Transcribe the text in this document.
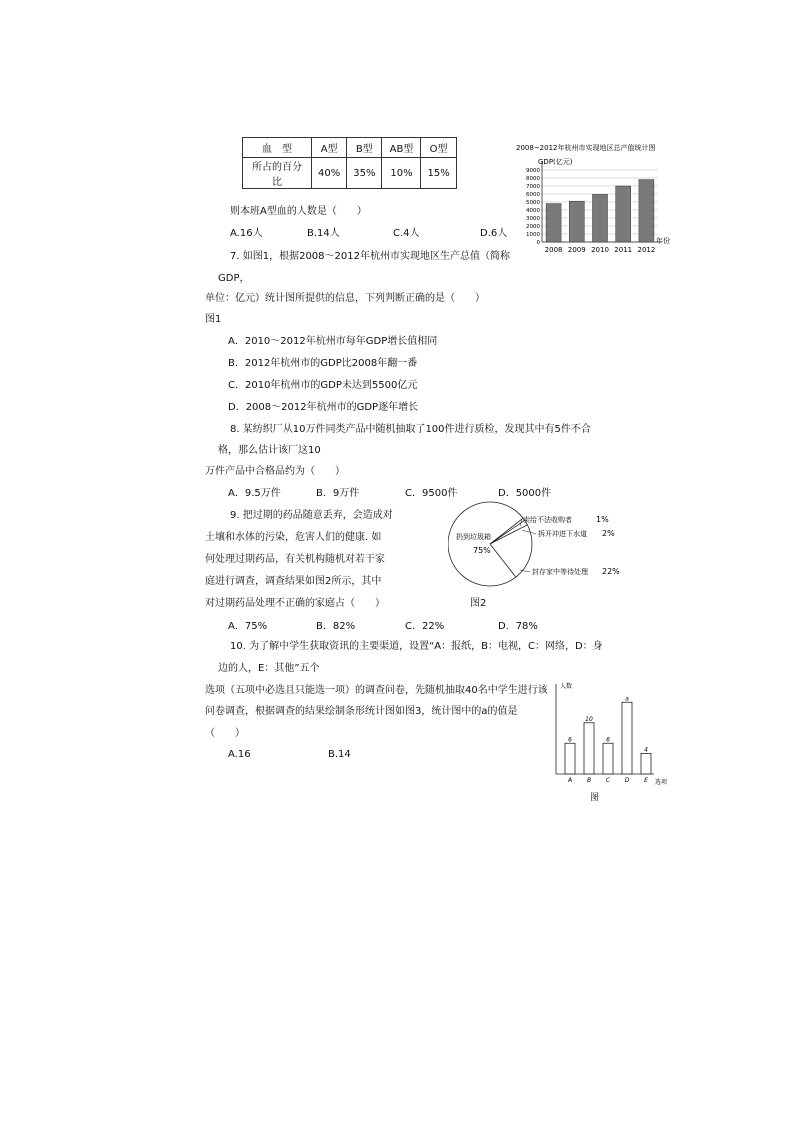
血　型	A型	B型	AB型	O型
所占的百分比	40%	35%	10%	15%
2008~2012年杭州市实现地区总产值统计图
GDP(亿元)
0
1000
2000
3000
4000
5000
6000
7000
8000
9000
2008 2009 2010 2011 2012
年份
则本班A型血的人数是（　　）
A.16人	B.14人	C.4人	D.6人
7. 如图1，根据2008～2012年杭州市实现地区生产总值（简称
GDP，
单位：亿元）统计图所提供的信息，下列判断正确的是（　　）
图1
A．2010～2012年杭州市每年GDP增长值相同
B．2012年杭州市的GDP比2008年翻一番
C．2010年杭州市的GDP未达到5500亿元
D．2008～2012年杭州市的GDP逐年增长
8. 某纺织厂从10万件同类产品中随机抽取了100件进行质检，发现其中有5件不合
格，那么估计该厂这10
万件产品中合格品约为（　　）
A．9.5万件	B．9万件	C．9500件	D．5000件
9. 把过期的药品随意丢弃，会造成对
土壤和水体的污染，危害人们的健康. 如
何处理过期药品，有关机构随机对若干家
庭进行调查，调查结果如图2所示，其中
对过期药品处理不正确的家庭占（　　）	图2
A．75%	B．82%	C．22%	D．78%
扔到垃圾箱
75%
卖给不法收购者	1%
拆开冲进下水道 2%
封存家中等待处理 22%
10. 为了解中学生获取资讯的主要渠道，设置“A：报纸，B：电视，C：网络，D：身
边的人，E：其他”五个
选项（五项中必选且只能选一项）的调查问卷，先随机抽取40名中学生进行该
问卷调查，根据调查的结果绘制条形统计图如图3，统计图中的a的值是
（　　）
A.16	B.14
6
A
10
B
6
C
a
D
4
E
人数
选项
图
